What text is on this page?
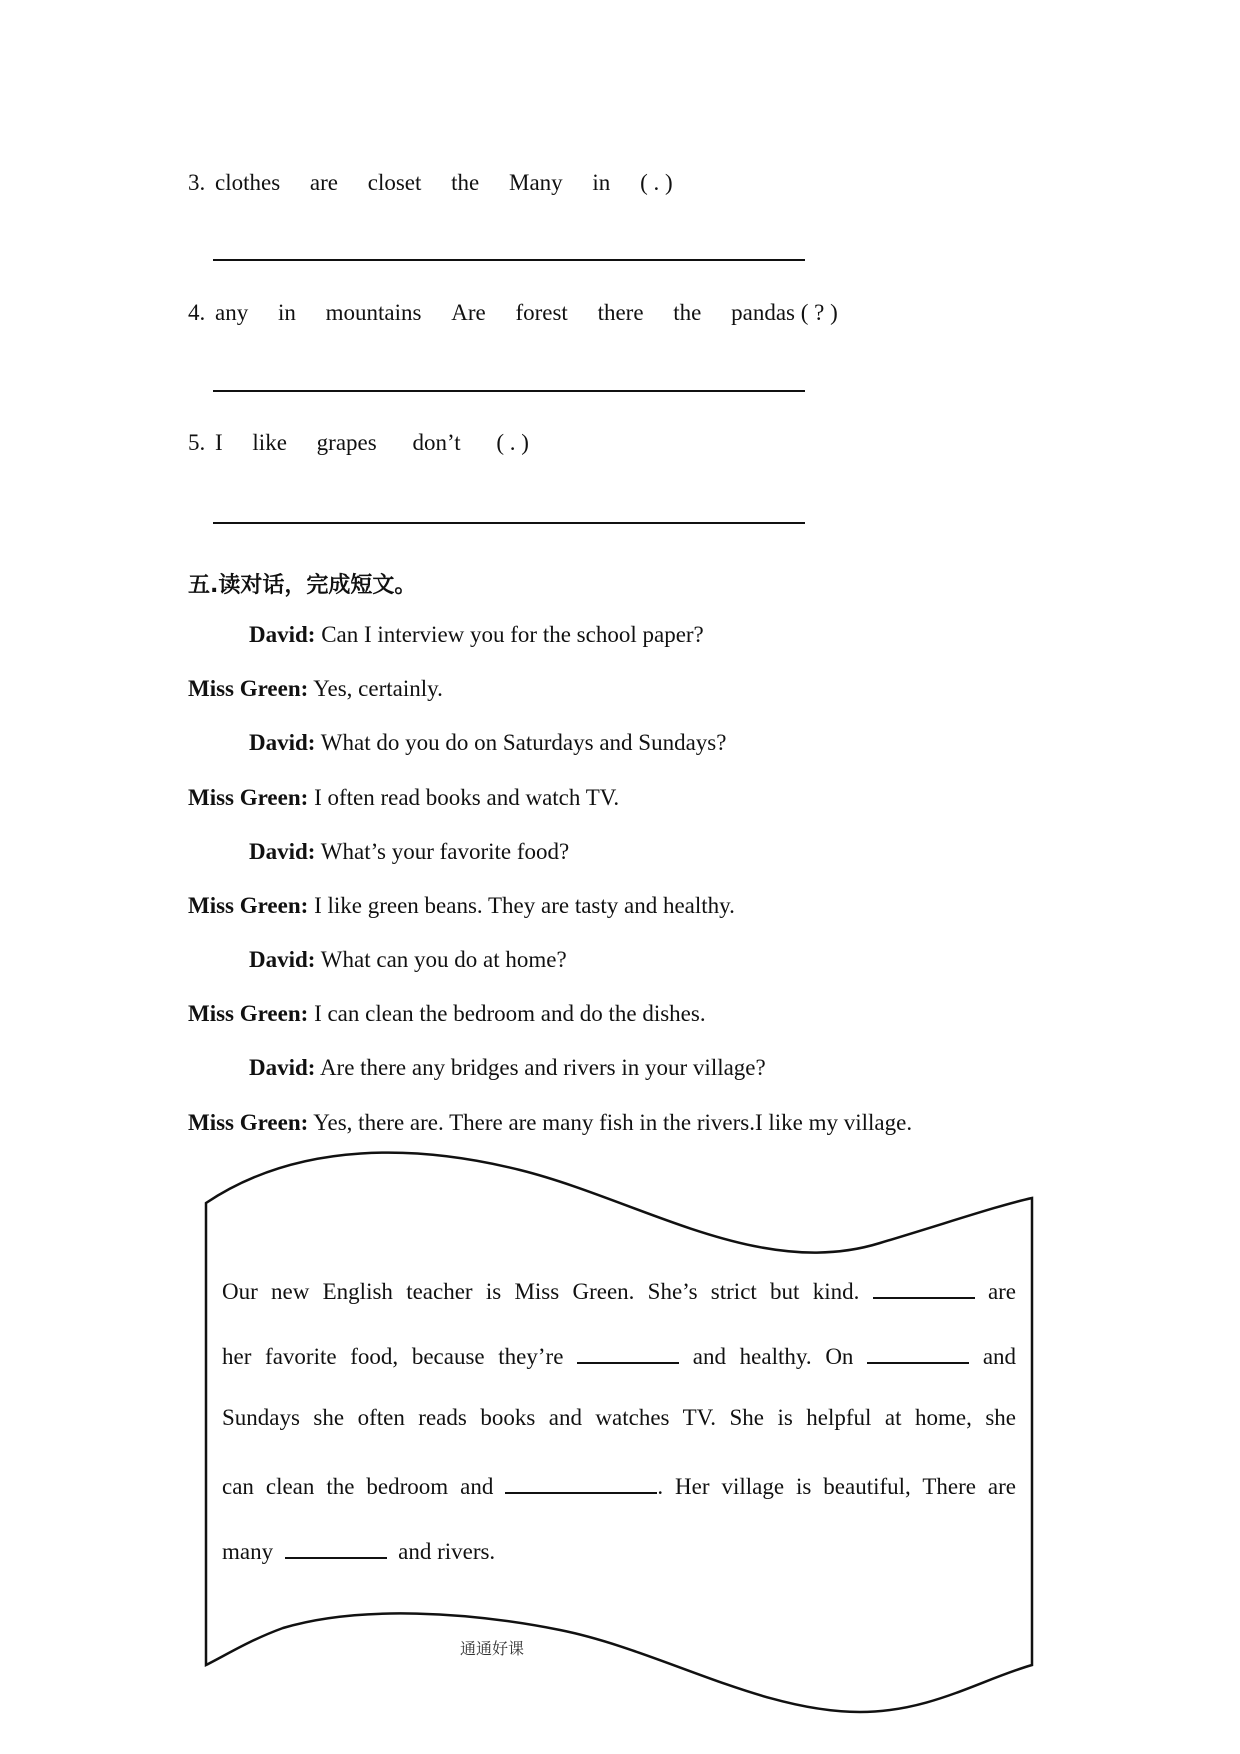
3. clothes are closet the Many in ( . )
4. any in mountains Are forest there the pandas ( ? )
5. I like grapes don’t ( . )
五.读对话，完成短文。
David: Can I interview you for the school paper?
Miss Green: Yes, certainly.
David: What do you do on Saturdays and Sundays?
Miss Green: I often read books and watch TV.
David: What’s your favorite food?
Miss Green: I like green beans. They are tasty and healthy.
David: What can you do at home?
Miss Green: I can clean the bedroom and do the dishes.
David: Are there any bridges and rivers in your village?
Miss Green: Yes, there are. There are many fish in the rivers.I like my village.
Our new English teacher is Miss Green. She’s strict but kind.	are
her favorite food, because they’re	and healthy. On	and
Sundays she often reads books and watches TV. She is helpful at home, she
can clean the bedroom and	. Her village is beautiful, There are
many	and rivers.
通通好课
